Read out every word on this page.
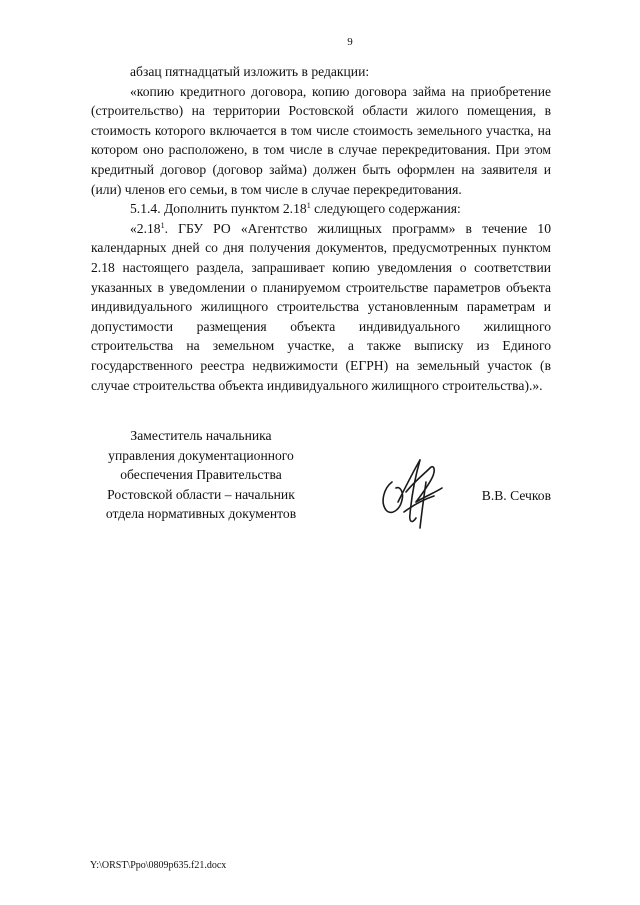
9

абзац пятнадцатый изложить в редакции:

«копию кредитного договора, копию договора займа на приобретение (строительство) на территории Ростовской области жилого помещения, в стоимость которого включается в том числе стоимость земельного участка, на котором оно расположено, в том числе в случае перекредитования. При этом кредитный договор (договор займа) должен быть оформлен на заявителя и (или) членов его семьи, в том числе в случае перекредитования.

5.1.4. Дополнить пунктом 2.18$^1$ следующего содержания:

«2.18$^1$. ГБУ РО «Агентство жилищных программ» в течение 10 календарных дней со дня получения документов, предусмотренных пунктом 2.18 настоящего раздела, запрашивает копию уведомления о соответствии указанных в уведомлении о планируемом строительстве параметров объекта индивидуального жилищного строительства установленным параметрам и допустимости размещения объекта индивидуального жилищного строительства на земельном участке, а также выписку из Единого государственного реестра недвижимости (ЕГРН) на земельный участок (в случае строительства объекта индивидуального жилищного строительства).».

Заместитель начальника
управления документационного
обеспечения Правительства
Ростовской области – начальник
отдела нормативных документов
В.В. Сечков
Y:\ORST\Ppo\0809p635.f21.docx
